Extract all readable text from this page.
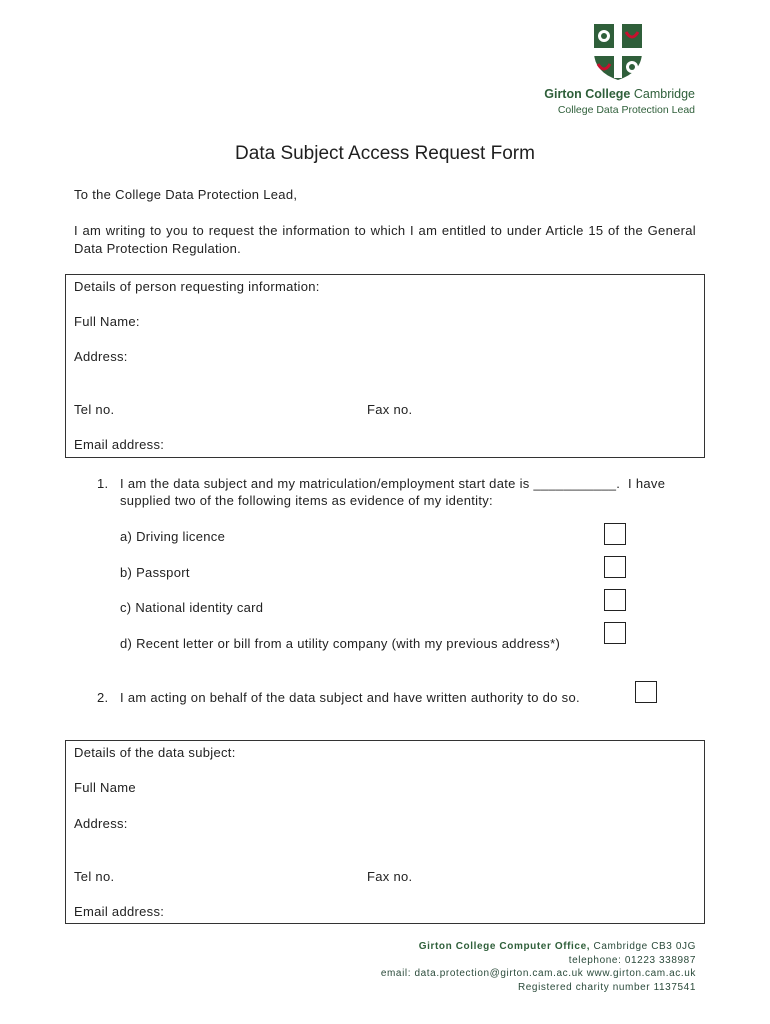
Girton College Cambridge
College Data Protection Lead
Data Subject Access Request Form
To the College Data Protection Lead,
I am writing to you to request the information to which I am entitled to under Article 15 of the General Data Protection Regulation.
Details of person requesting information:
Full Name:
Address:
Tel no.	Fax no.
Email address:
1. I am the data subject and my matriculation/employment start date is ___________.  I have
supplied two of the following items as evidence of my identity:
a) Driving licence
b) Passport
c) National identity card
d) Recent letter or bill from a utility company (with my previous address*)
2. I am acting on behalf of the data subject and have written authority to do so.
Details of the data subject:
Full Name
Address:
Tel no.	Fax no.
Email address:
Girton College Computer Office, Cambridge CB3 0JG
telephone: 01223 338987
email: data.protection@girton.cam.ac.uk www.girton.cam.ac.uk
Registered charity number 1137541
